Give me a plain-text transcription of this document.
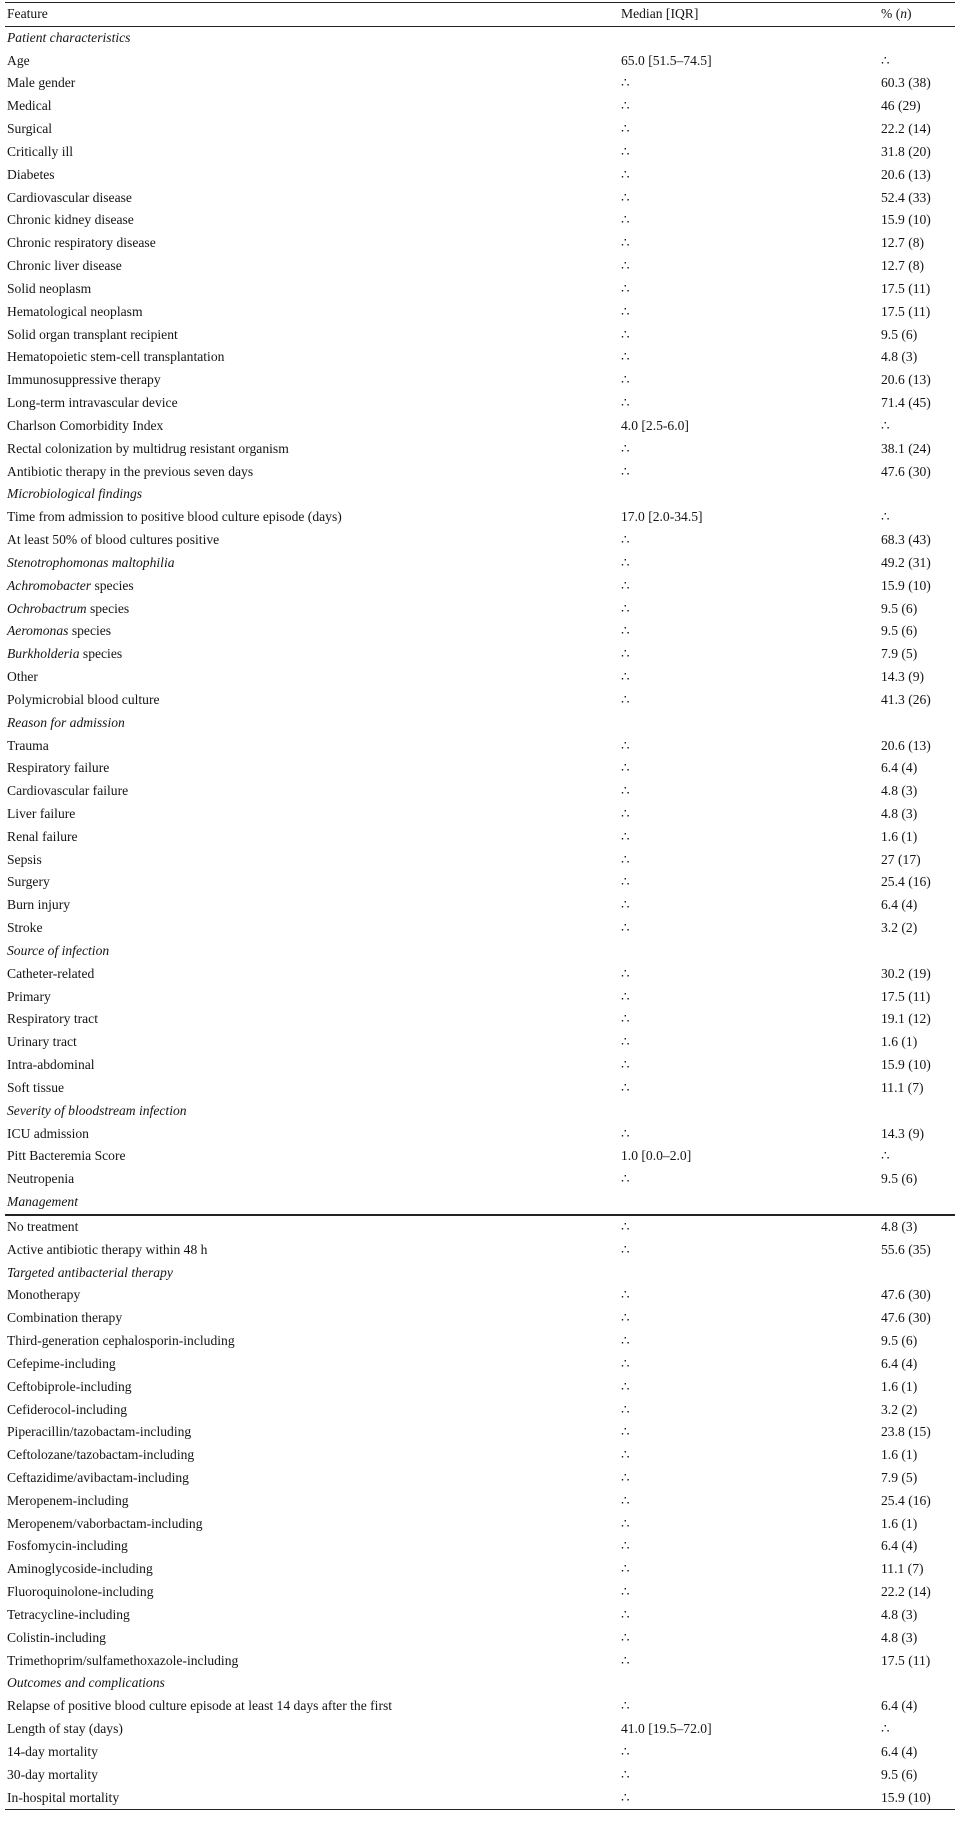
Feature	Median [IQR]	% (n)
Patient characteristics
Age	65.0 [51.5–74.5]	∴
Male gender	∴	60.3 (38)
Medical	∴	46 (29)
Surgical	∴	22.2 (14)
Critically ill	∴	31.8 (20)
Diabetes	∴	20.6 (13)
Cardiovascular disease	∴	52.4 (33)
Chronic kidney disease	∴	15.9 (10)
Chronic respiratory disease	∴	12.7 (8)
Chronic liver disease	∴	12.7 (8)
Solid neoplasm	∴	17.5 (11)
Hematological neoplasm	∴	17.5 (11)
Solid organ transplant recipient	∴	9.5 (6)
Hematopoietic stem-cell transplantation	∴	4.8 (3)
Immunosuppressive therapy	∴	20.6 (13)
Long-term intravascular device	∴	71.4 (45)
Charlson Comorbidity Index	4.0 [2.5-6.0]	∴
Rectal colonization by multidrug resistant organism	∴	38.1 (24)
Antibiotic therapy in the previous seven days	∴	47.6 (30)
Microbiological findings
Time from admission to positive blood culture episode (days)	17.0 [2.0-34.5]	∴
At least 50% of blood cultures positive	∴	68.3 (43)
Stenotrophomonas maltophilia	∴	49.2 (31)
Achromobacter species	∴	15.9 (10)
Ochrobactrum species	∴	9.5 (6)
Aeromonas species	∴	9.5 (6)
Burkholderia species	∴	7.9 (5)
Other	∴	14.3 (9)
Polymicrobial blood culture	∴	41.3 (26)
Reason for admission
Trauma	∴	20.6 (13)
Respiratory failure	∴	6.4 (4)
Cardiovascular failure	∴	4.8 (3)
Liver failure	∴	4.8 (3)
Renal failure	∴	1.6 (1)
Sepsis	∴	27 (17)
Surgery	∴	25.4 (16)
Burn injury	∴	6.4 (4)
Stroke	∴	3.2 (2)
Source of infection
Catheter-related	∴	30.2 (19)
Primary	∴	17.5 (11)
Respiratory tract	∴	19.1 (12)
Urinary tract	∴	1.6 (1)
Intra-abdominal	∴	15.9 (10)
Soft tissue	∴	11.1 (7)
Severity of bloodstream infection
ICU admission	∴	14.3 (9)
Pitt Bacteremia Score	1.0 [0.0–2.0]	∴
Neutropenia	∴	9.5 (6)
Management
No treatment	∴	4.8 (3)
Active antibiotic therapy within 48 h	∴	55.6 (35)
Targeted antibacterial therapy
Monotherapy	∴	47.6 (30)
Combination therapy	∴	47.6 (30)
Third-generation cephalosporin-including	∴	9.5 (6)
Cefepime-including	∴	6.4 (4)
Ceftobiprole-including	∴	1.6 (1)
Cefiderocol-including	∴	3.2 (2)
Piperacillin/tazobactam-including	∴	23.8 (15)
Ceftolozane/tazobactam-including	∴	1.6 (1)
Ceftazidime/avibactam-including	∴	7.9 (5)
Meropenem-including	∴	25.4 (16)
Meropenem/vaborbactam-including	∴	1.6 (1)
Fosfomycin-including	∴	6.4 (4)
Aminoglycoside-including	∴	11.1 (7)
Fluoroquinolone-including	∴	22.2 (14)
Tetracycline-including	∴	4.8 (3)
Colistin-including	∴	4.8 (3)
Trimethoprim/sulfamethoxazole-including	∴	17.5 (11)
Outcomes and complications
Relapse of positive blood culture episode at least 14 days after the first	∴	6.4 (4)
Length of stay (days)	41.0 [19.5–72.0]	∴
14-day mortality	∴	6.4 (4)
30-day mortality	∴	9.5 (6)
In-hospital mortality	∴	15.9 (10)
